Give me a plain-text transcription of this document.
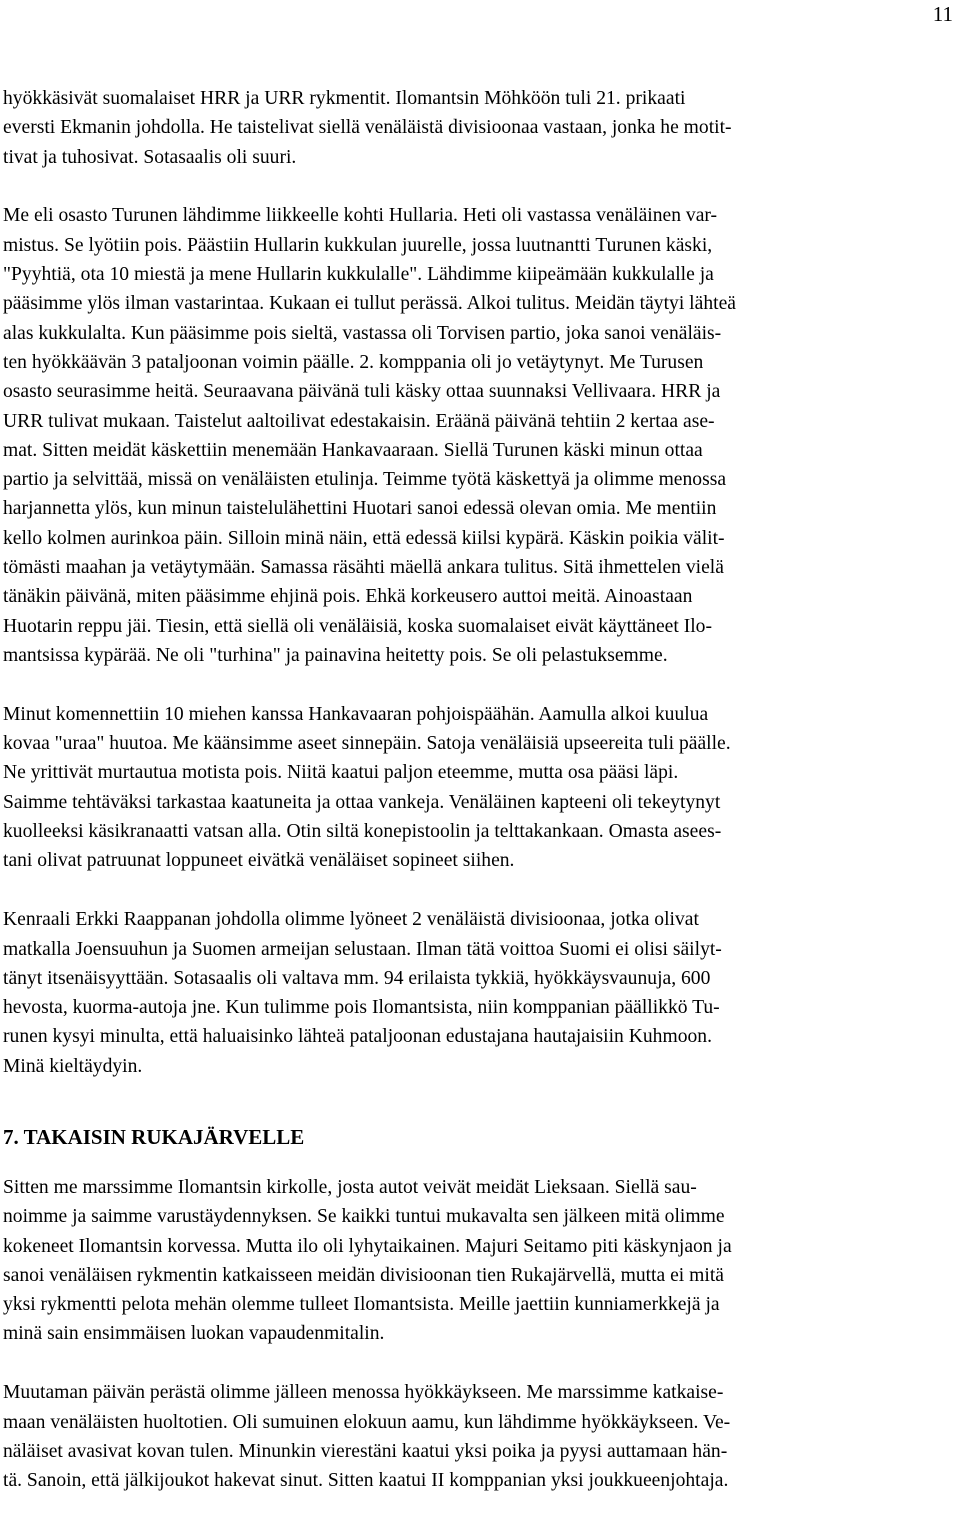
11

hyökkäsivät suomalaiset HRR ja URR rykmentit. Ilomantsin Möhköön tuli 21. prikaati
eversti Ekmanin johdolla. He taistelivat siellä venäläistä divisioonaa vastaan, jonka he motit-
tivat ja tuhosivat. Sotasaalis oli suuri.

Me eli osasto Turunen lähdimme liikkeelle kohti Hullaria. Heti oli vastassa venäläinen var-
mistus. Se lyötiin pois. Päästiin Hullarin kukkulan juurelle, jossa luutnantti Turunen käski,
"Pyyhtiä, ota 10 miestä ja mene Hullarin kukkulalle". Lähdimme kiipeämään kukkulalle ja
pääsimme ylös ilman vastarintaa. Kukaan ei tullut perässä. Alkoi tulitus. Meidän täytyi lähteä
alas kukkulalta. Kun pääsimme pois sieltä, vastassa oli Torvisen partio, joka sanoi venäläis-
ten hyökkäävän 3 pataljoonan voimin päälle. 2. komppania oli jo vetäytynyt. Me Turusen
osasto seurasimme heitä. Seuraavana päivänä tuli käsky ottaa suunnaksi Vellivaara. HRR ja
URR tulivat mukaan. Taistelut aaltoilivat edestakaisin. Eräänä päivänä tehtiin 2 kertaa ase-
mat. Sitten meidät käskettiin menemään Hankavaaraan. Siellä Turunen käski minun ottaa
partio ja selvittää, missä on venäläisten etulinja. Teimme työtä käskettyä ja olimme menossa
harjannetta ylös, kun minun taistelulähettini Huotari sanoi edessä olevan omia. Me mentiin
kello kolmen aurinkoa päin. Silloin minä näin, että edessä kiilsi kypärä. Käskin poikia välit-
tömästi maahan ja vetäytymään. Samassa räsähti mäellä ankara tulitus. Sitä ihmettelen vielä
tänäkin päivänä, miten pääsimme ehjinä pois. Ehkä korkeusero auttoi meitä. Ainoastaan
Huotarin reppu jäi. Tiesin, että siellä oli venäläisiä, koska suomalaiset eivät käyttäneet Ilo-
mantsissa kypärää. Ne oli "turhina" ja painavina heitetty pois. Se oli pelastuksemme.

Minut komennettiin 10 miehen kanssa Hankavaaran pohjoispäähän. Aamulla alkoi kuulua
kovaa "uraa" huutoa. Me käänsimme aseet sinnepäin. Satoja venäläisiä upseereita tuli päälle.
Ne yrittivät murtautua motista pois. Niitä kaatui paljon eteemme, mutta osa pääsi läpi.
Saimme tehtäväksi tarkastaa kaatuneita ja ottaa vankeja. Venäläinen kapteeni oli tekeytynyt
kuolleeksi käsikranaatti vatsan alla. Otin siltä konepistoolin ja telttakankaan. Omasta asees-
tani olivat patruunat loppuneet eivätkä venäläiset sopineet siihen.

Kenraali Erkki Raappanan johdolla olimme lyöneet 2 venäläistä divisioonaa, jotka olivat
matkalla Joensuuhun ja Suomen armeijan selustaan. Ilman tätä voittoa Suomi ei olisi säilyt-
tänyt itsenäisyyttään. Sotasaalis oli valtava mm. 94 erilaista tykkiä, hyökkäysvaunuja, 600
hevosta, kuorma-autoja jne. Kun tulimme pois Ilomantsista, niin komppanian päällikkö Tu-
runen kysyi minulta, että haluaisinko lähteä pataljoonan edustajana hautajaisiin Kuhmoon.
Minä kieltäydyin.

7. TAKAISIN RUKAJÄRVELLE

Sitten me marssimme Ilomantsin kirkolle, josta autot veivät meidät Lieksaan. Siellä sau-
noimme ja saimme varustäydennyksen. Se kaikki tuntui mukavalta sen jälkeen mitä olimme
kokeneet Ilomantsin korvessa. Mutta ilo oli lyhytaikainen. Majuri Seitamo piti käskynjaon ja
sanoi venäläisen rykmentin katkaisseen meidän divisioonan tien Rukajärvellä, mutta ei mitä
yksi rykmentti pelota mehän olemme tulleet Ilomantsista. Meille jaettiin kunniamerkkejä ja
minä sain ensimmäisen luokan vapaudenmitalin.

Muutaman päivän perästä olimme jälleen menossa hyökkäykseen. Me marssimme katkaise-
maan venäläisten huoltotien. Oli sumuinen elokuun aamu, kun lähdimme hyökkäykseen. Ve-
näläiset avasivat kovan tulen. Minunkin vierestäni kaatui yksi poika ja pyysi auttamaan hän-
tä. Sanoin, että jälkijoukot hakevat sinut. Sitten kaatui II komppanian yksi joukkueenjohtaja.
